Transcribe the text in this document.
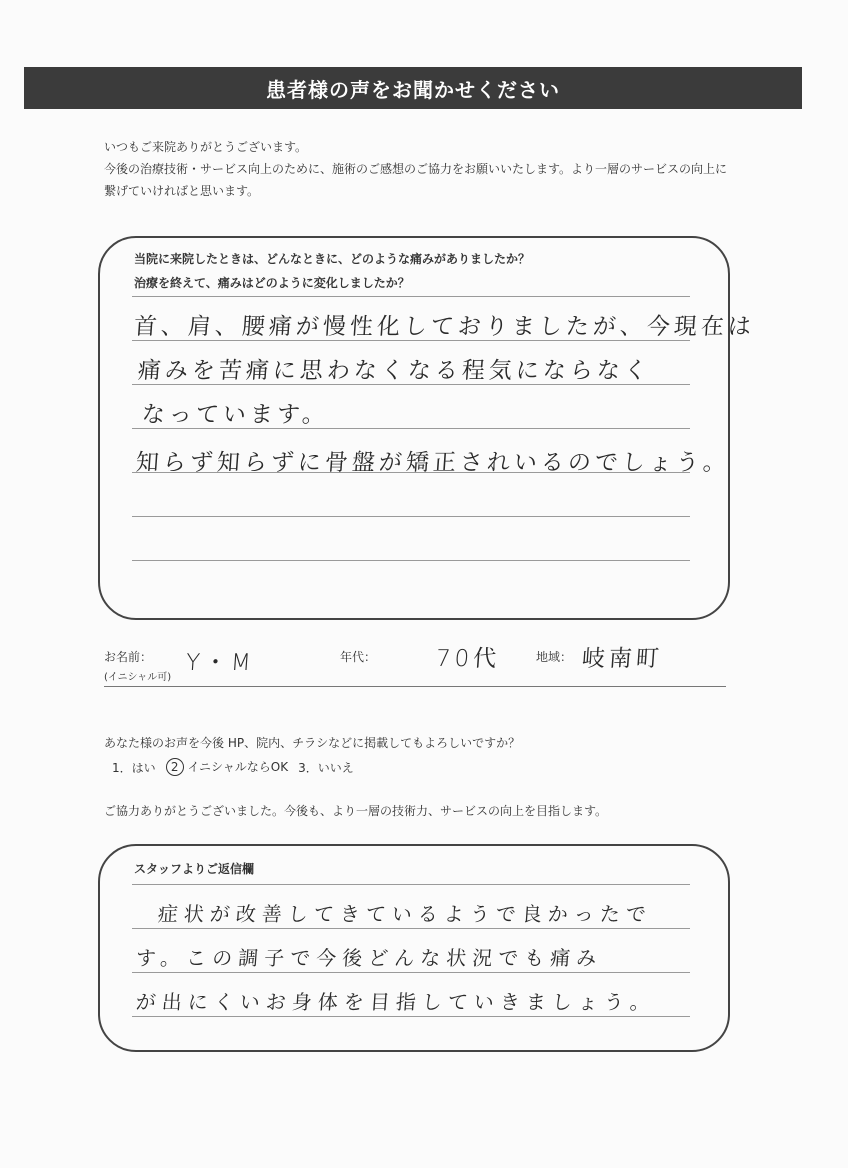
患者様の声をお聞かせください

いつもご来院ありがとうございます。

今後の治療技術・サービス向上のために、施術のご感想のご協力をお願いいたします。より一層のサービスの向上に

繋げていければと思います。

当院に来院したときは、どんなときに、どのような痛みがありましたか？
治療を終えて、痛みはどのように変化しましたか？
首、肩、腰痛が慢性化しておりましたが、今現在は
痛みを苦痛に思わなくなる程気にならなく
なっています。
知らず知らずに骨盤が矯正されいるのでしょう。
お名前：
(イニシャル可)
Y・M	年代：	70代	地域： 岐南町
あなた様のお声を今後 HP、院内、チラシなどに掲載してもよろしいですか？
1．はい	2 イニシャルならOK 3．いいえ
ご協力ありがとうございました。今後も、より一層の技術力、サービスの向上を目指します。
スタッフよりご返信欄
症状が改善してきているようで良かったで
す。この調子で今後どんな状況でも痛み
が出にくいお身体を目指していきましょう。
